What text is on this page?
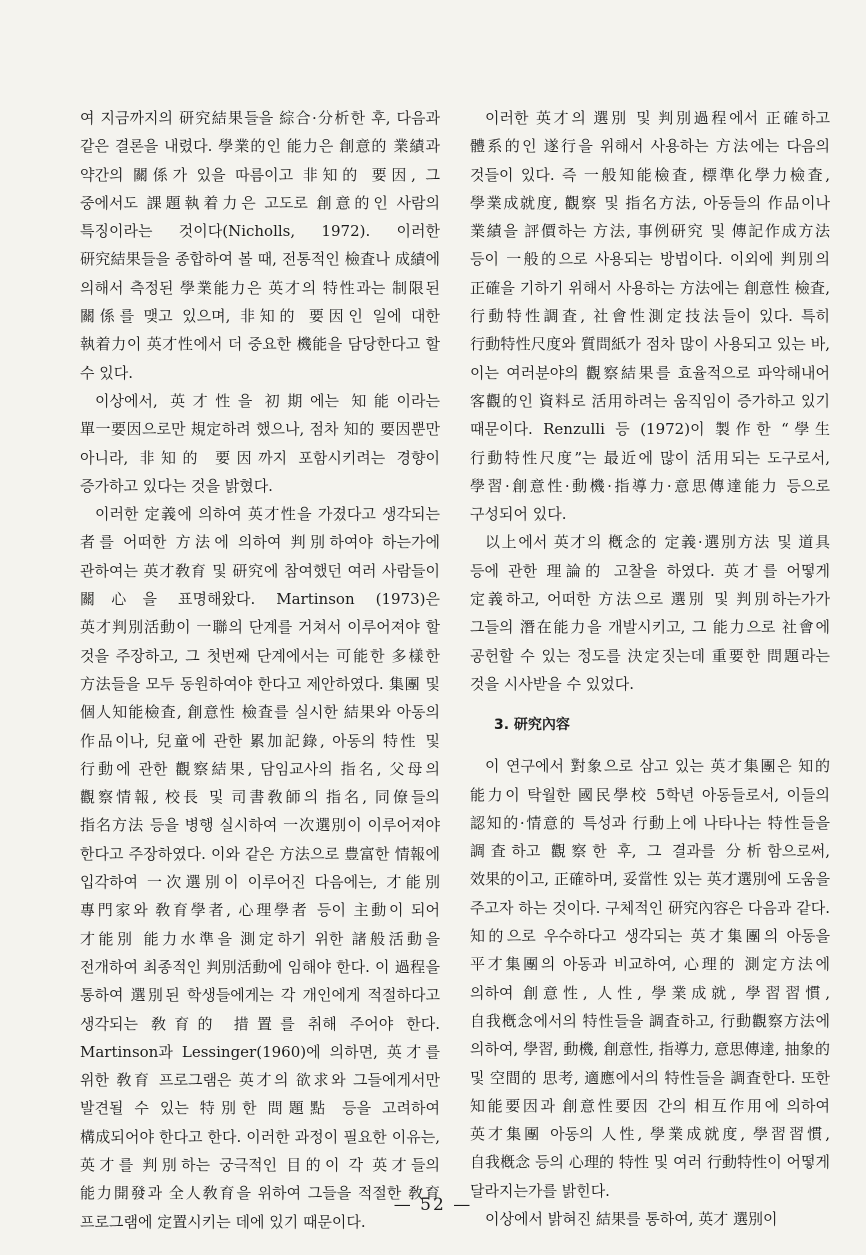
여 지금까지의 研究結果들을 綜合·分析한 후, 다음과 같은 결론을 내렸다. 學業的인 能力은 創意的 業績과 약간의 關係가 있을 따름이고 非知的 要因, 그 중에서도 課題執着力은 고도로 創意的인 사람의 특징이라는 것이다(Nicholls, 1972). 이러한 研究結果들을 종합하여 볼 때, 전통적인 檢査나 成績에 의해서 측정된 學業能力은 英才의 特性과는 制限된 關係를 맺고 있으며, 非知的 要因인 일에 대한 執着力이 英才性에서 더 중요한 機能을 담당한다고 할 수 있다.

이상에서, 英才性을 初期에는 知能이라는 單一要因으로만 規定하려 했으나, 점차 知的 要因뿐만 아니라, 非知的 要因까지 포함시키려는 경향이 증가하고 있다는 것을 밝혔다.

이러한 定義에 의하여 英才性을 가졌다고 생각되는 者를 어떠한 方法에 의하여 判別하여야 하는가에 관하여는 英才敎育 및 研究에 참여했던 여러 사람들이 關心을 표명해왔다. Martinson (1973)은 英才判別活動이 一聯의 단계를 거쳐서 이루어져야 할 것을 주장하고, 그 첫번째 단계에서는 可能한 多樣한 方法들을 모두 동원하여야 한다고 제안하였다. 集團 및 個人知能檢査, 創意性 檢査를 실시한 結果와 아동의 作品이나, 兒童에 관한 累加記錄, 아동의 特性 및 行動에 관한 觀察結果, 담임교사의 指名, 父母의 觀察情報, 校長 및 司書敎師의 指名, 同僚들의 指名方法 등을 병행 실시하여 一次選別이 이루어져야 한다고 주장하였다. 이와 같은 方法으로 豊富한 情報에 입각하여 一次選別이 이루어진 다음에는, 才能別 專門家와 敎育學者, 心理學者 등이 主動이 되어 才能別 能力水準을 測定하기 위한 諸般活動을 전개하여 최종적인 判別活動에 임해야 한다. 이 過程을 통하여 選別된 학생들에게는 각 개인에게 적절하다고 생각되는 敎育的 措置를 취해 주어야 한다. Martinson과 Lessinger(1960)에 의하면, 英才를 위한 敎育 프로그램은 英才의 欲求와 그들에게서만 발견될 수 있는 特別한 問題點 등을 고려하여 構成되어야 한다고 한다. 이러한 과정이 필요한 이유는, 英才를 判別하는 궁극적인 目的이 각 英才들의 能力開發과 全人敎育을 위하여 그들을 적절한 敎育 프로그램에 定置시키는 데에 있기 때문이다.

이러한 英才의 選別 및 判別過程에서 正確하고 體系的인 遂行을 위해서 사용하는 方法에는 다음의 것들이 있다. 즉 一般知能檢査, 標準化學力檢査, 學業成就度, 觀察 및 指名方法, 아동들의 作品이나 業績을 評價하는 方法, 事例研究 및 傳記作成方法 등이 一般的으로 사용되는 방법이다. 이외에 判別의 正確을 기하기 위해서 사용하는 方法에는 創意性 檢査, 行動特性調査, 社會性測定技法들이 있다. 특히 行動特性尺度와 質問紙가 점차 많이 사용되고 있는 바, 이는 여러분야의 觀察結果를 효율적으로 파악해내어 客觀的인 資料로 活用하려는 움직임이 증가하고 있기 때문이다. Renzulli 등 (1972)이 製作한 “學生 行動特性尺度”는 最近에 많이 活用되는 도구로서, 學習·創意性·動機·指導力·意思傳達能力 등으로 구성되어 있다.

以上에서 英才의 槪念的 定義·選別方法 및 道具 등에 관한 理論的 고찰을 하였다. 英才를 어떻게 定義하고, 어떠한 方法으로 選別 및 判別하는가가 그들의 潛在能力을 개발시키고, 그 能力으로 社會에 공헌할 수 있는 정도를 決定짓는데 重要한 問題라는 것을 시사받을 수 있었다.

3. 研究內容

이 연구에서 對象으로 삼고 있는 英才集團은 知的 能力이 탁월한 國民學校 5학년 아동들로서, 이들의 認知的·情意的 특성과 行動上에 나타나는 特性들을 調査하고 觀察한 후, 그 결과를 分析함으로써, 效果的이고, 正確하며, 妥當性 있는 英才選別에 도움을 주고자 하는 것이다. 구체적인 研究內容은 다음과 같다. 知的으로 우수하다고 생각되는 英才集團의 아동을 平才集團의 아동과 비교하여, 心理的 測定方法에 의하여 創意性, 人性, 學業成就, 學習習慣, 自我槪念에서의 特性들을 調査하고, 行動觀察方法에 의하여, 學習, 動機, 創意性, 指導力, 意思傳達, 抽象的 및 空間的 思考, 適應에서의 特性들을 調査한다. 또한 知能要因과 創意性要因 간의 相互作用에 의하여 英才集團 아동의 人性, 學業成就度, 學習習慣, 自我槪念 등의 心理的 特性 및 여러 行動特性이 어떻게 달라지는가를 밝힌다.

이상에서 밝혀진 結果를 통하여, 英才 選別이

— 52 —
